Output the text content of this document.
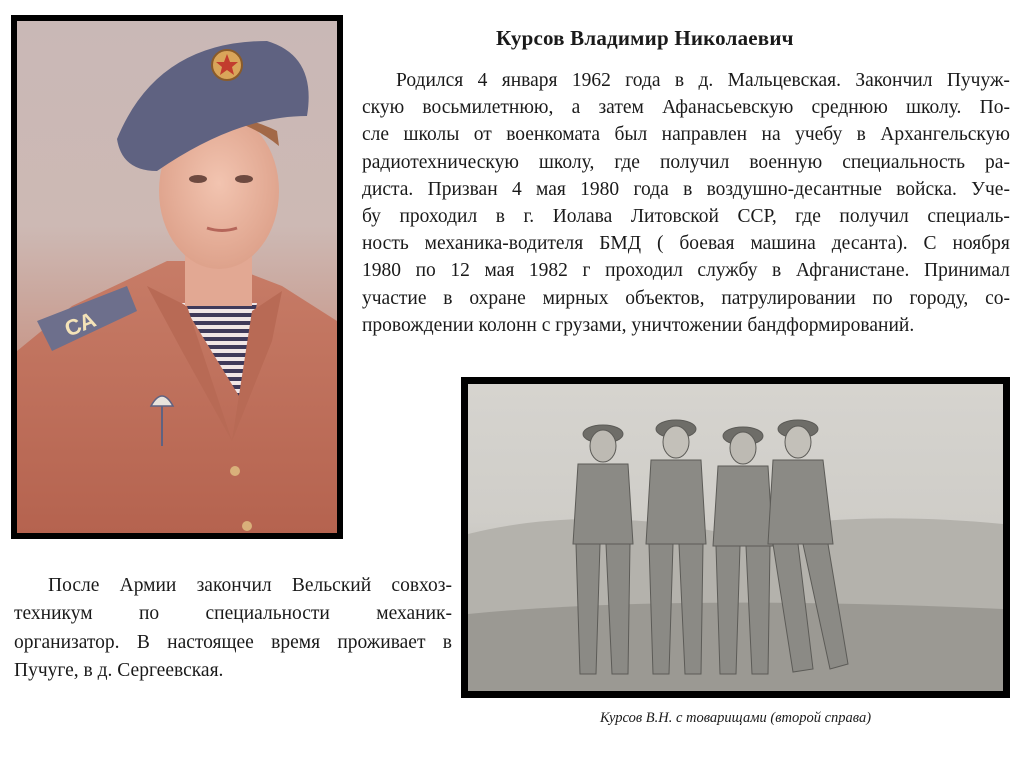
СА
Курсов Владимир Николаевич
Родился 4 января 1962 года в д. Мальцевская. Закончил Пучуж-
скую восьмилетнюю, а затем Афанасьевскую среднюю школу. По-
сле школы от военкомата был направлен на учебу в Архангельскую
радиотехническую школу, где получил военную специальность ра-
диста. Призван 4 мая 1980 года в воздушно-десантные войска. Уче-
бу проходил в г. Иолава Литовской ССР, где получил специаль-
ность механика-водителя БМД ( боевая машина десанта). С ноября
1980 по 12 мая 1982 г проходил службу в Афганистане. Принимал
участие в охране мирных объектов, патрулировании по городу, со-
провождении колонн с грузами, уничтожении бандформирований.
Курсов В.Н. с товарищами (второй справа)
После Армии закончил Вельский совхоз-
техникум по специальности механик-
организатор. В настоящее время проживает в
Пучуге, в д. Сергеевская.
